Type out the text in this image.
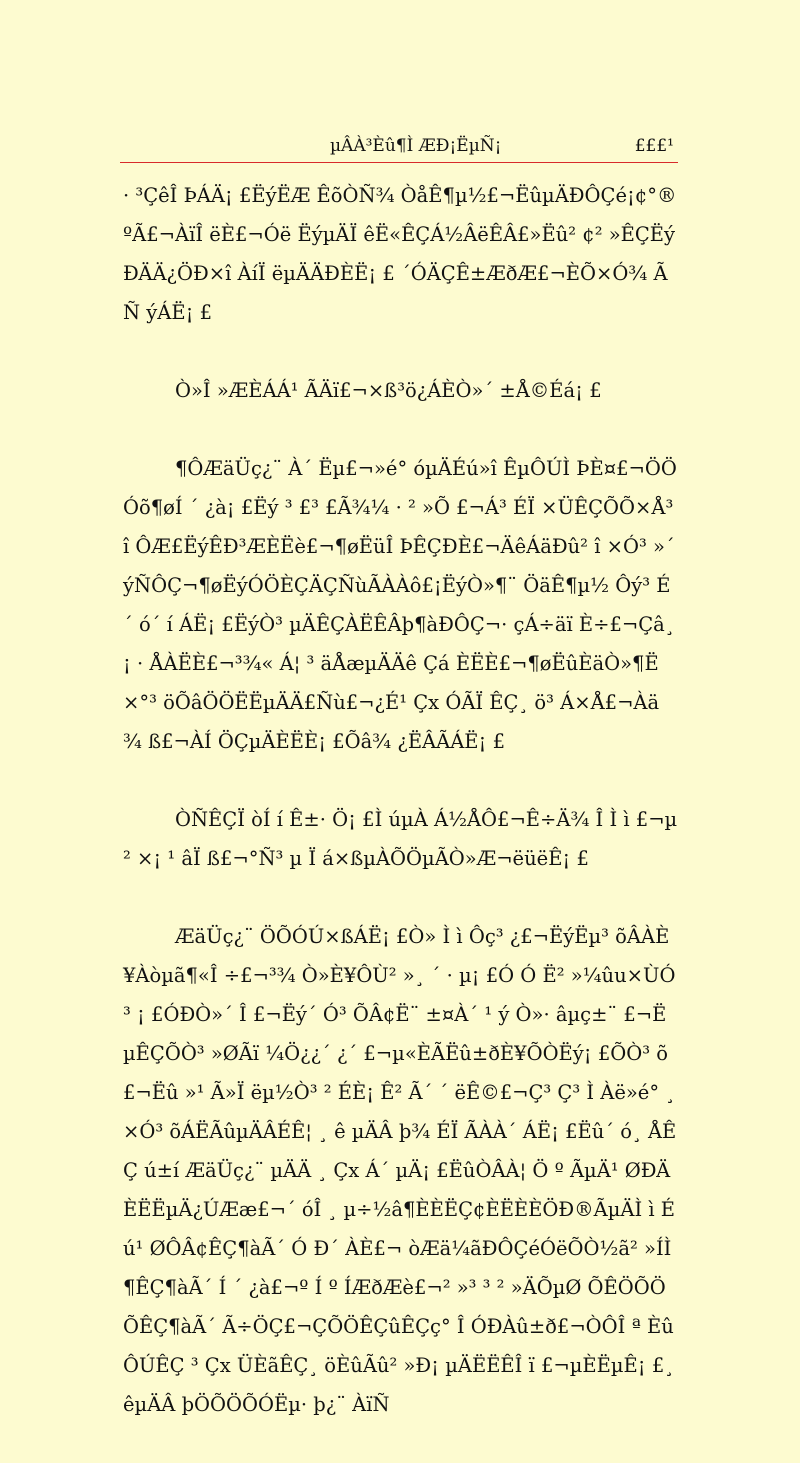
µÂÀ³Èû¶Ì ÆÐ¡ËµÑ¡	£££¹

· ³ÇêÎ ÞÁÄ¡ £ËýËÆ ÊõÒÑ¾ ÒåÊ¶µ½£¬ËûµÄÐÔÇé¡¢°®ºÃ£¬ÀïÎ ëÈ£¬Óë ËýµÄÏ êË«ÊÇÁ½ÂëÊÂ£»Ëû² ¢² »ÊÇËýÐÄÄ¿ÖÐ×î ÀíÏ ëµÄÄÐÈË¡ £ ´ÓÄÇÊ±ÆðÆ£¬ÈÕ×Ó¾ ÃÑ ýÁË¡ £

Ò»Î »ÆÈÁÁ¹ ÃÄï£¬×ß³ö¿ÁÈÒ»´ ±Å©Éá¡ £

¶ÔÆäÜç¿¨ À´ Ëµ£¬»é° óµÄÉú»î ÊµÔÚÌ ÞÈ¤£¬ÖÖÓõ¶øÍ ´ ¿à¡ £Ëý ³ £³ £Ã¾¼ · ² »Õ £¬Á³ ÉÏ ×ÜÊÇÕÕ×Å³ î ÔÆ£ËýÊÐ³ÆÈËè£¬¶øËüÎ ÞÊÇÐÈ£¬ÄêÁäÐû² î ×Ó³ »´ ýÑÔÇ¬¶øËýÓÖÈÇÄÇÑùÃÀÀô£¡ËýÒ»¶¨ ÖäÊ¶µ½ Ôý³ É´ ó´ í ÁË¡ £ËýÒ³ µÄÊÇÀËÊÂþ¶àÐÔÇ¬· çÁ÷äï È÷£¬Çâ¸ ¡ · ÅÀËÈ£¬³¾« Á¦ ³ äÅæµÄÄê Çá ÈËÈ£¬¶øËûÈäÒ»¶Ë×°³ öÕâÖÖËËµÄÄ£Ñù£¬¿É¹ Çx ÓÃÏ ÊÇ¸ ö³ Á×Å£¬Àä¾ ß£¬ÀÍ ÖÇµÄÈËÈ¡ £Õâ¾ ¿ËÂÃÁË¡ £

ÒÑÊÇÏ òÍ í Ê±· Ö¡ £Ì úµÀ Á½ÅÔ£¬Ê÷Ä¾ Î Ì ì £¬µ² ×¡ ¹ âÏ ß£¬°Ñ³ µ Ï á×ßµÀÕÖµÃÒ»Æ¬ëüëÊ¡ £

ÆäÜç¿¨ ÖÕÓÚ×ßÁË¡ £Ò» Ì ì Ôç³ ¿£¬ËýËµ³ õÂÀÈ¥Àòµã¶«Î ÷£¬³¾ Ò»È¥ÔÙ² »¸ ´ · µ¡ £Ó Ó Ë² »¼ûu×ÙÓ³ ¡ £ÓÐÒ»´ Î £¬Ëý´ Ó³ ÕÂ¢Ë¨ ±¤À´ ¹ ý Ò»· âµç±¨ £¬ËµÊÇÕÒ³ »ØÃï ¼Ö¿¿´ ¿´ £¬µ«ÈÃËû±ðÈ¥ÕÒËý¡ £ÕÒ³ õ£¬Ëû »¹ Ã»Ï ëµ½Ò³ ² ÉÈ¡ Ê² Ã´ ´ ëÊ©£¬Ç³ Ç³ Ì Àë»é° ¸ ×Ó³ õÁËÃûµÄÂÉÊ¦ ¸ ê µÄÂ þ¾ ÉÏ ÃÀÀ´ ÁË¡ £Ëû´ ó¸ ÅÊÇ ú±í ÆäÜç¿¨ µÄÄ ¸ Çx Á´ µÄ¡ £ËûÒÂÀ¦ Ö º ÃµÄ¹ ØÐÄÈËËµÄ¿ÚÆæ£¬´ óÎ ¸ µ÷½â¶ÈÈËÇ¢ÈËÈÈÖÐ®ÃµÄÌ ì Éú¹ ØÔÂ¢ÊÇ¶àÃ´ Ó Ð´ ÀÈ£¬ òÆä¼ãÐÔÇéÓëÕÒ½ã² »ÍÌ ¶ÊÇ¶àÃ´ Í ´ ¿à£¬º Í º ÍÆðÆè£¬² »³ ³ ² »ÄÕµØ ÕÊÖÕÖÕÊÇ¶àÃ´ Ã÷ÖÇ£¬ÇÕÖÊÇûÊÇç° Î ÓÐÀû±ð£¬ÒÔÎ ª ÈûÔÚÊÇ ³ Çx ÜÈãÊÇ¸ öÈûÃû² »Ð¡ µÄËËÊÎ ï £¬µÈËµÊ¡ £¸ êµÄÂ þÖÕÖÕÓËµ· þ¿¨ ÀïÑ
